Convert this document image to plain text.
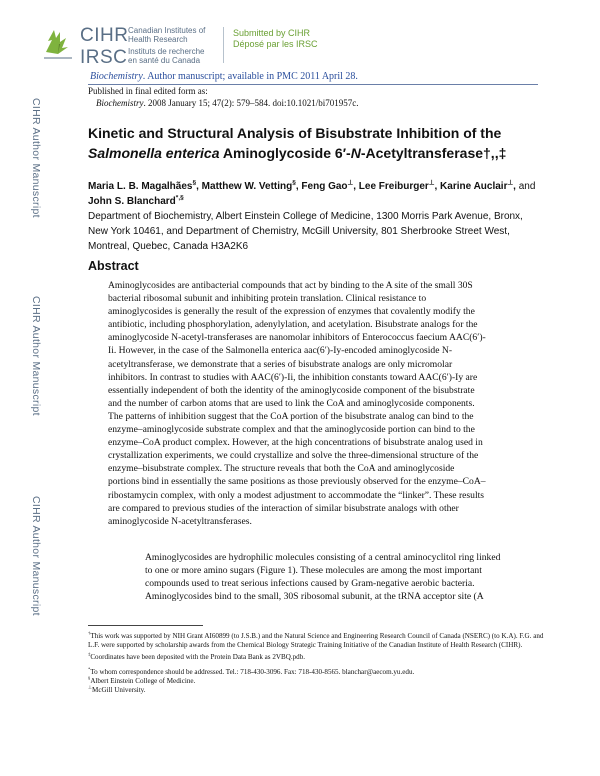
CIHR
IRSC
Canadian Institutes of
Health Research
Instituts de recherche
en santé du Canada
Submitted by CIHR
Déposé par les IRSC
Biochemistry. Author manuscript; available in PMC 2011 April 28.
CIHR Author Manuscript
CIHR Author Manuscript
CIHR Author Manuscript
Published in final edited form as:
Biochemistry. 2008 January 15; 47(2): 579–584. doi:10.1021/bi701957c.
Kinetic and Structural Analysis of Bisubstrate Inhibition of the
Salmonella enterica Aminoglycoside 6′-N-Acetyltransferase†,,‡
Maria L. B. Magalhães§, Matthew W. Vetting§, Feng Gao⊥, Lee Freiburger⊥, Karine Auclair⊥, and John S. Blanchard*,§
Department of Biochemistry, Albert Einstein College of Medicine, 1300 Morris Park Avenue, Bronx, New York 10461, and Department of Chemistry, McGill University, 801 Sherbrooke Street West, Montreal, Quebec, Canada H3A2K6
Abstract
Aminoglycosides are antibacterial compounds that act by binding to the A site of the small 30S
bacterial ribosomal subunit and inhibiting protein translation. Clinical resistance to
aminoglycosides is generally the result of the expression of enzymes that covalently modify the
antibiotic, including phosphorylation, adenylylation, and acetylation. Bisubstrate analogs for the
aminoglycoside N-acetyl-transferases are nanomolar inhibitors of Enterococcus faecium AAC(6′)-
Ii. However, in the case of the Salmonella enterica aac(6′)-Iy-encoded aminoglycoside N-
acetyltransferase, we demonstrate that a series of bisubstrate analogs are only micromolar
inhibitors. In contrast to studies with AAC(6′)-Ii, the inhibition constants toward AAC(6′)-Iy are
essentially independent of both the identity of the aminoglycoside component of the bisubstrate
and the number of carbon atoms that are used to link the CoA and aminoglycoside components.
The patterns of inhibition suggest that the CoA portion of the bisubstrate analog can bind to the
enzyme–aminoglycoside substrate complex and that the aminoglycoside portion can bind to the
enzyme–CoA product complex. However, at the high concentrations of bisubstrate analog used in
crystallization experiments, we could crystallize and solve the three-dimensional structure of the
enzyme–bisubstrate complex. The structure reveals that both the CoA and aminoglycoside
portions bind in essentially the same positions as those previously observed for the enzyme–CoA–
ribostamycin complex, with only a modest adjustment to accommodate the “linker”. These results
are compared to previous studies of the interaction of similar bisubstrate analogs with other
aminoglycoside N-acetyltransferases.
Aminoglycosides are hydrophilic molecules consisting of a central aminocyclitol ring linked
to one or more amino sugars (Figure 1). These molecules are among the most important
compounds used to treat serious infections caused by Gram-negative aerobic bacteria.
Aminoglycosides bind to the small, 30S ribosomal subunit, at the tRNA acceptor site (A
†This work was supported by NIH Grant AI60899 (to J.S.B.) and the Natural Science and Engineering Research Council of Canada (NSERC) (to K.A). F.G. and L.F. were supported by scholarship awards from the Chemical Biology Strategic Training Initiative of the Canadian Institute of Health Research (CIHR).
‡Coordinates have been deposited with the Protein Data Bank as 2VBQ.pdb.
*To whom correspondence should be addressed. Tel.: 718-430-3096. Fax: 718-430-8565. blanchar@aecom.yu.edu.
§Albert Einstein College of Medicine.
⊥McGill University.
